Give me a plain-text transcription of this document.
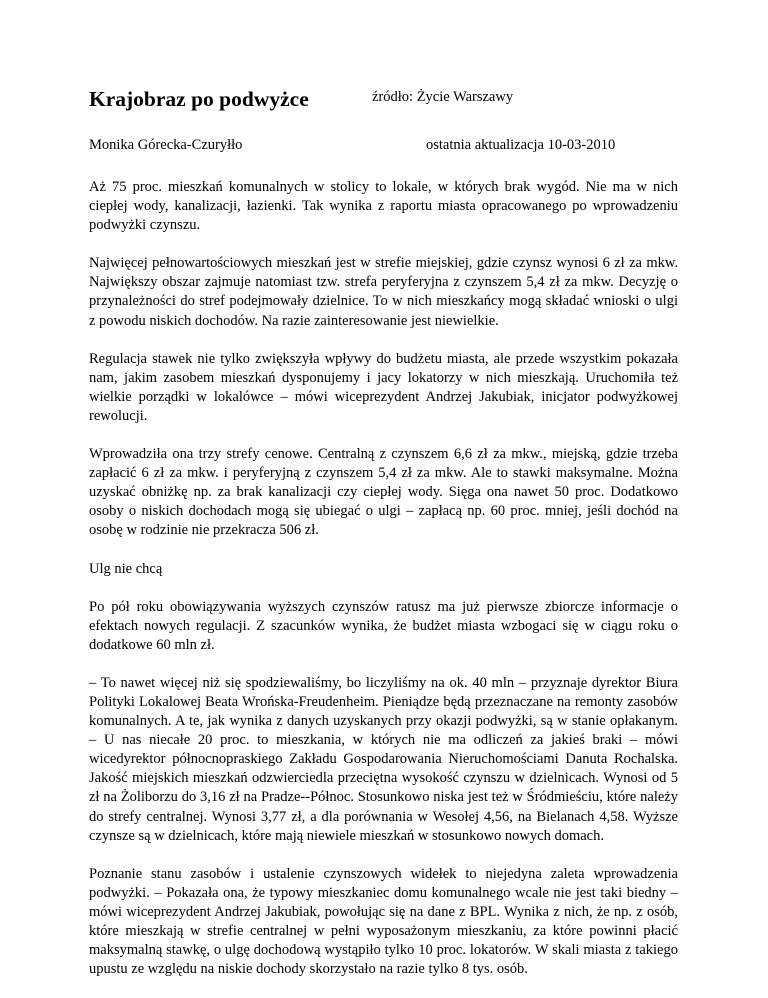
Krajobraz po podwyżce	źródło: Życie Warszawy
Monika Górecka-Czuryłło	ostatnia aktualizacja 10-03-2010

Aż 75 proc. mieszkań komunalnych w stolicy to lokale, w których brak wygód. Nie ma w nich ciepłej wody, kanalizacji, łazienki. Tak wynika z raportu miasta opracowanego po wprowadzeniu podwyżki czynszu.

Najwięcej pełnowartościowych mieszkań jest w strefie miejskiej, gdzie czynsz wynosi 6 zł za mkw. Największy obszar zajmuje natomiast tzw. strefa peryferyjna z czynszem 5,4 zł za mkw. Decyzję o przynależności do stref podejmowały dzielnice. To w nich mieszkańcy mogą składać wnioski o ulgi z powodu niskich dochodów. Na razie zainteresowanie jest niewielkie.

Regulacja stawek nie tylko zwiększyła wpływy do budżetu miasta, ale przede wszystkim pokazała nam, jakim zasobem mieszkań dysponujemy i jacy lokatorzy w nich mieszkają. Uruchomiła też wielkie porządki w lokalówce – mówi wiceprezydent Andrzej Jakubiak, inicjator podwyżkowej rewolucji.

Wprowadziła ona trzy strefy cenowe. Centralną z czynszem 6,6 zł za mkw., miejską, gdzie trzeba zapłacić 6 zł za mkw. i peryferyjną z czynszem 5,4 zł za mkw. Ale to stawki maksymalne. Można uzyskać obniżkę np. za brak kanalizacji czy ciepłej wody. Sięga ona nawet 50 proc. Dodatkowo osoby o niskich dochodach mogą się ubiegać o ulgi – zapłacą np. 60 proc. mniej, jeśli dochód na osobę w rodzinie nie przekracza 506 zł.

Ulg nie chcą

Po pół roku obowiązywania wyższych czynszów ratusz ma już pierwsze zbiorcze informacje o efektach nowych regulacji. Z szacunków wynika, że budżet miasta wzbogaci się w ciągu roku o dodatkowe 60 mln zł.

– To nawet więcej niż się spodziewaliśmy, bo liczyliśmy na ok. 40 mln – przyznaje dyrektor Biura Polityki Lokalowej Beata Wrońska-Freudenheim. Pieniądze będą przeznaczane na remonty zasobów komunalnych. A te, jak wynika z danych uzyskanych przy okazji podwyżki, są w stanie opłakanym. – U nas niecałe 20 proc. to mieszkania, w których nie ma odliczeń za jakieś braki – mówi wicedyrektor północnopraskiego Zakładu Gospodarowania Nieruchomościami Danuta Rochalska. Jakość miejskich mieszkań odzwierciedla przeciętna wysokość czynszu w dzielnicach. Wynosi od 5 zł na Żoliborzu do 3,16 zł na Pradze--Północ. Stosunkowo niska jest też w Śródmieściu, które należy do strefy centralnej. Wynosi 3,77 zł, a dla porównania w Wesołej 4,56, na Bielanach 4,58. Wyższe czynsze są w dzielnicach, które mają niewiele mieszkań w stosunkowo nowych domach.

Poznanie stanu zasobów i ustalenie czynszowych widełek to niejedyna zaleta wprowadzenia podwyżki. – Pokazała ona, że typowy mieszkaniec domu komunalnego wcale nie jest taki biedny – mówi wiceprezydent Andrzej Jakubiak, powołując się na dane z BPL. Wynika z nich, że np. z osób, które mieszkają w strefie centralnej w pełni wyposażonym mieszkaniu, za które powinni płacić maksymalną stawkę, o ulgę dochodową wystąpiło tylko 10 proc. lokatorów. W skali miasta z takiego upustu ze względu na niskie dochody skorzystało na razie tylko 8 tys. osób.
